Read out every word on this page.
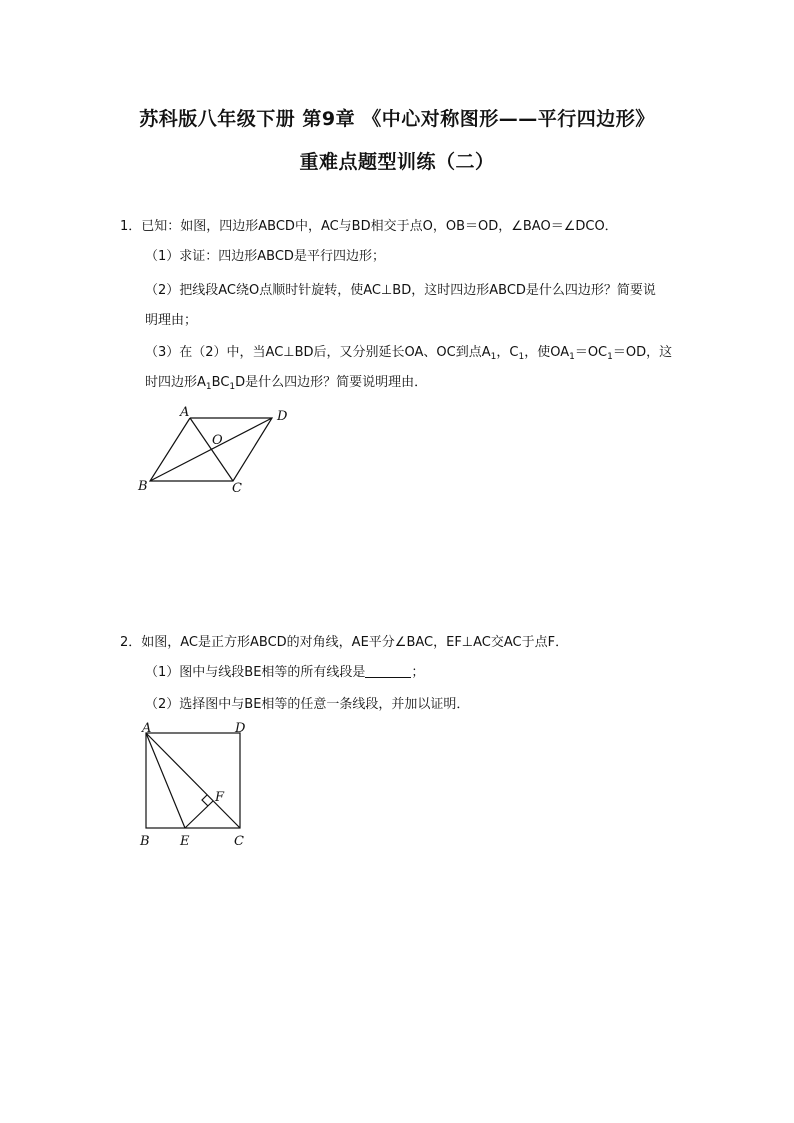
苏科版八年级下册 第9章 《中心对称图形——平行四边形》
重难点题型训练（二）
1．已知：如图，四边形ABCD中，AC与BD相交于点O，OB＝OD，∠BAO＝∠DCO．
（1）求证：四边形ABCD是平行四边形；
（2）把线段AC绕O点顺时针旋转，使AC⊥BD，这时四边形ABCD是什么四边形？简要说
明理由；
（3）在（2）中，当AC⊥BD后，又分别延长OA、OC到点$A_1$，$C_1$，使$OA_1=OC_1=OD$，这
时四边形$A_1BC_1D$是什么四边形？简要说明理由．
A	D
B	C
O
2．如图，AC是正方形ABCD的对角线，AE平分∠BAC，EF⊥AC交AC于点F．
（1）图中与线段BE相等的所有线段是	；
（2）选择图中与BE相等的任意一条线段，并加以证明．
A	D
B E	C
F
